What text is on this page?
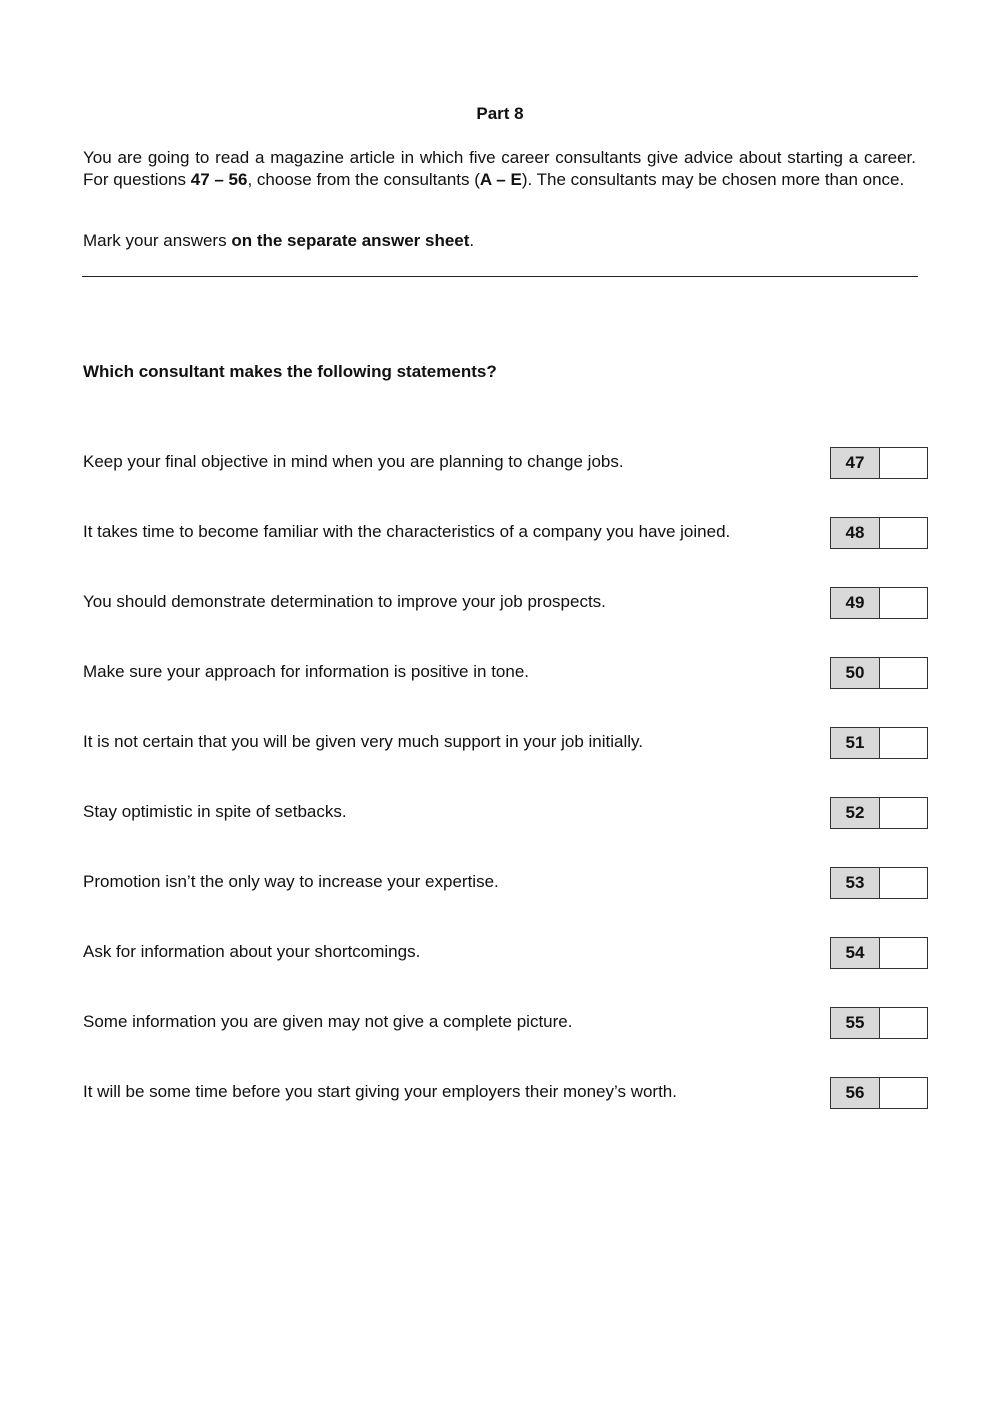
Part 8
You are going to read a magazine article in which five career consultants give advice about starting a career. For questions 47 – 56, choose from the consultants (A – E). The consultants may be chosen more than once.
Mark your answers on the separate answer sheet.
Which consultant makes the following statements?
Keep your final objective in mind when you are planning to change jobs.	47
It takes time to become familiar with the characteristics of a company you have joined.	48
You should demonstrate determination to improve your job prospects.	49
Make sure your approach for information is positive in tone.	50
It is not certain that you will be given very much support in your job initially.	51
Stay optimistic in spite of setbacks.	52
Promotion isn’t the only way to increase your expertise.	53
Ask for information about your shortcomings.	54
Some information you are given may not give a complete picture.	55
It will be some time before you start giving your employers their money’s worth.	56
